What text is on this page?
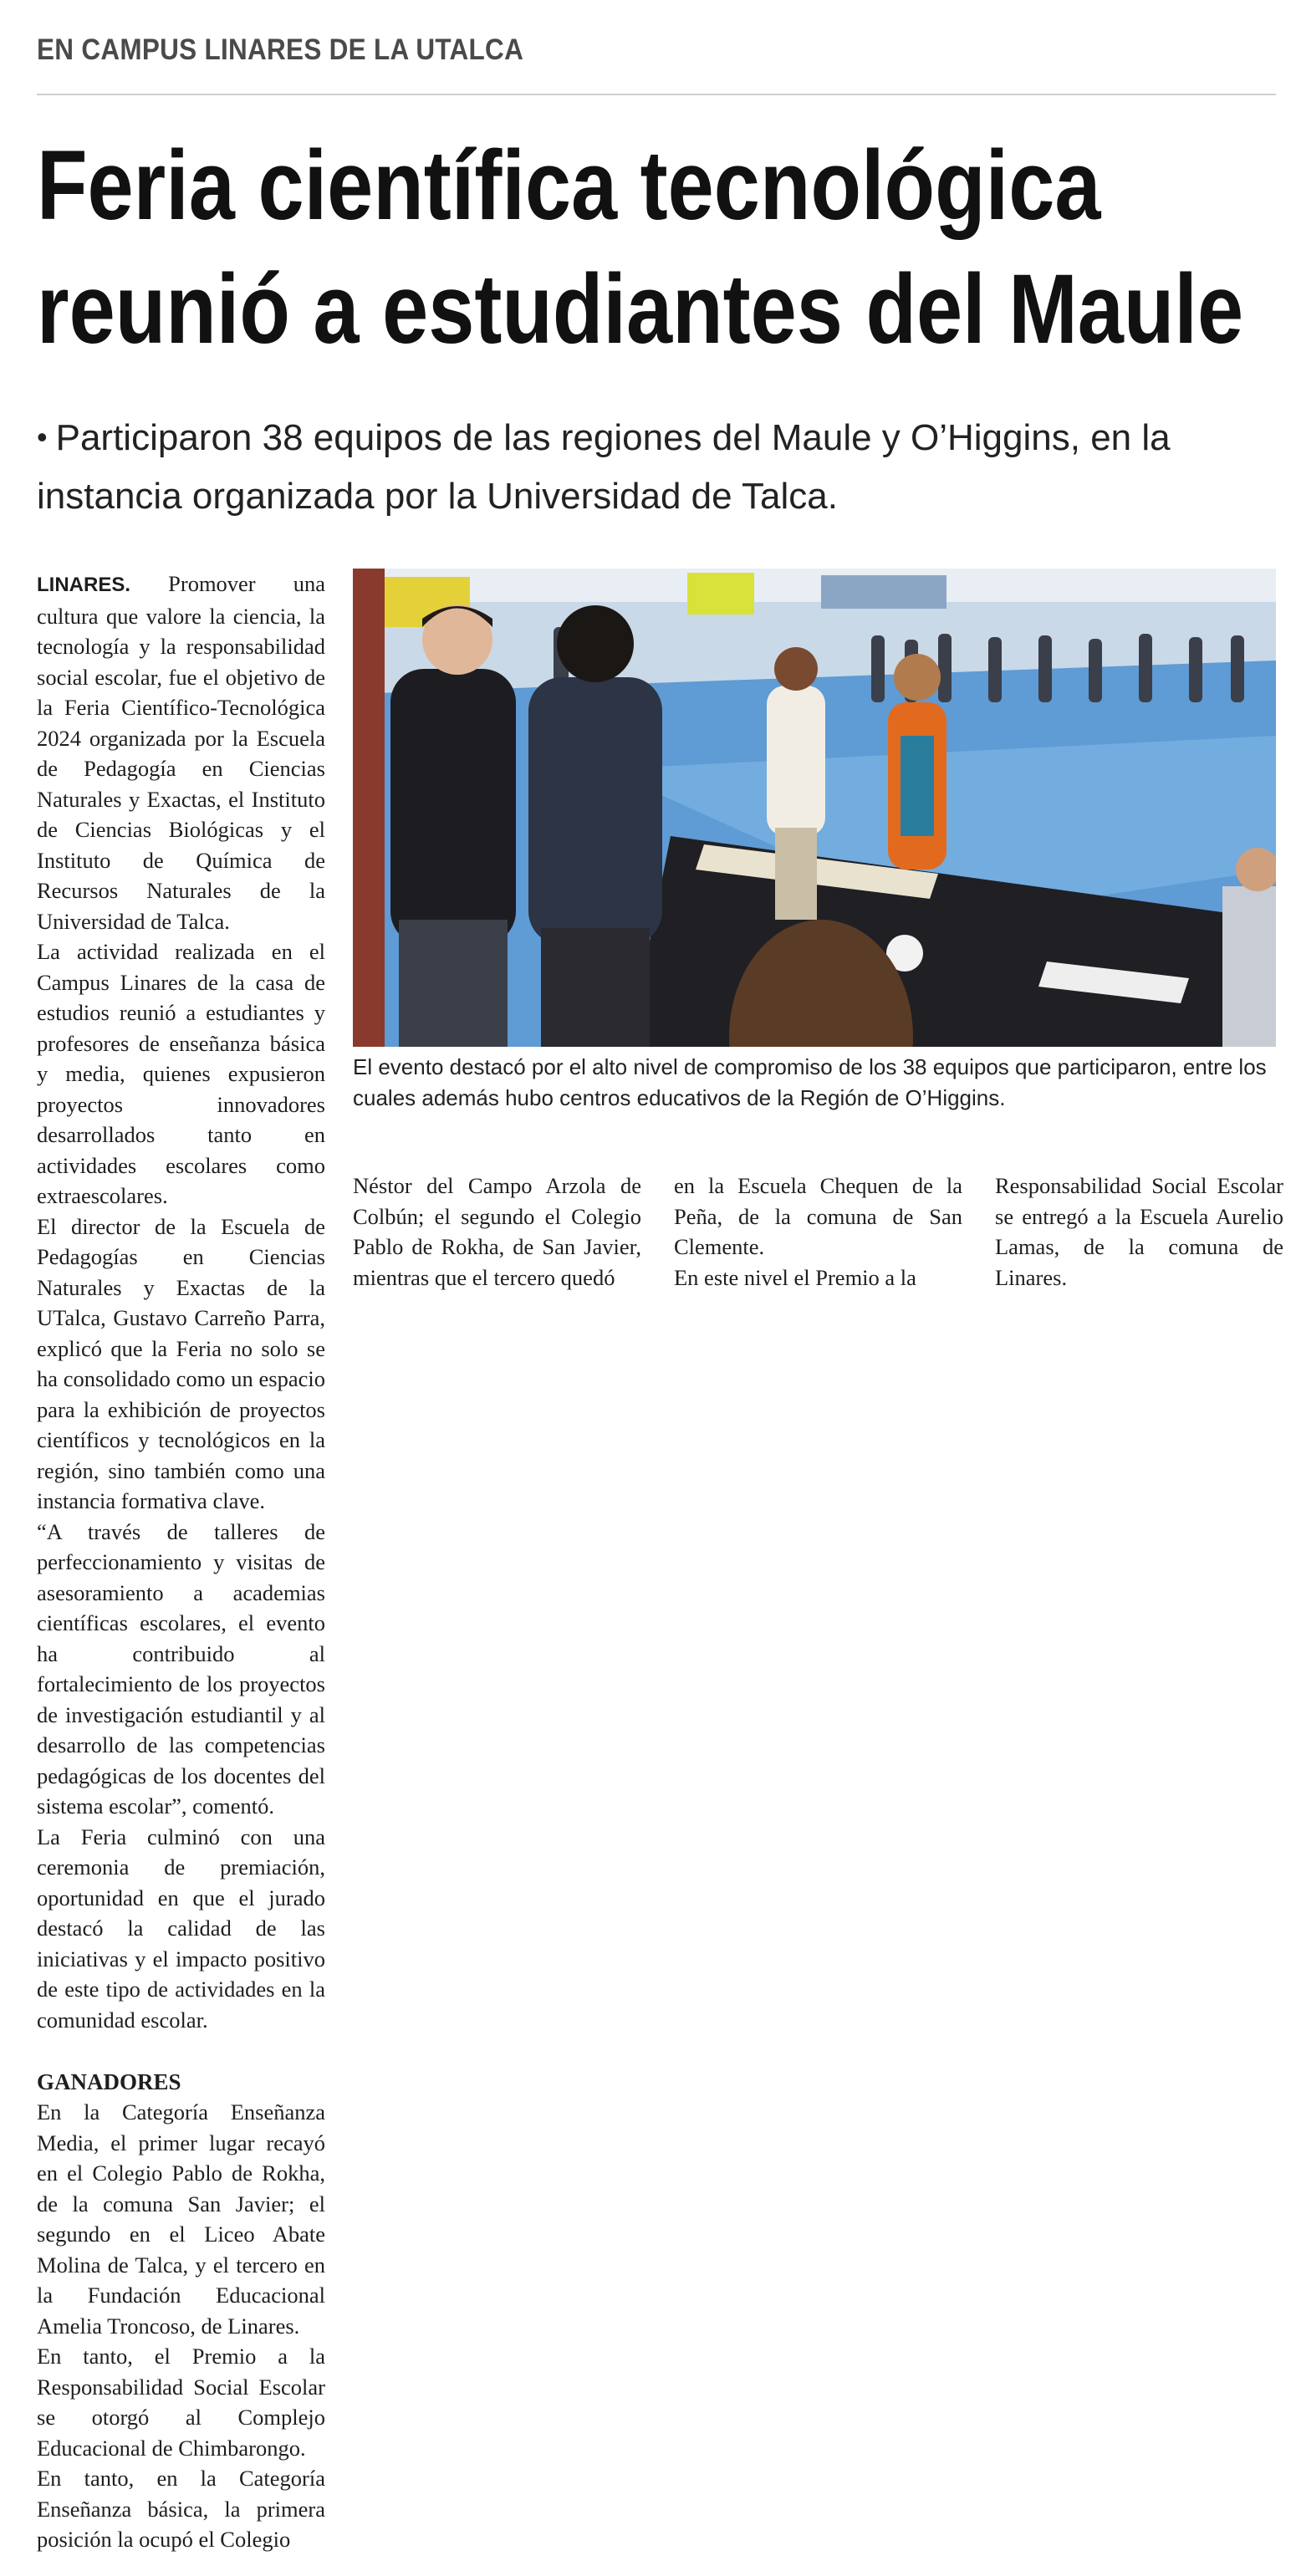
EN CAMPUS LINARES DE LA UTALCA
Feria científica tecnológica
reunió a estudiantes del Maule
• Participaron 38 equipos de las regiones del Maule y O’Higgins, en la instancia organizada por la Universidad de Talca.

LINARES. Promover una cultura que valore la ciencia, la tecnología y la responsabilidad social escolar, fue el objetivo de la Feria Científico-Tecnológica 2024 organizada por la Escuela de Pedagogía en Ciencias Naturales y Exactas, el Instituto de Ciencias Biológicas y el Instituto de Química de Recursos Naturales de la Universidad de Talca.

La actividad realizada en el Campus Linares de la casa de estudios reunió a estudiantes y profesores de enseñanza básica y media, quienes expusieron proyectos innovadores desarrollados tanto en actividades escolares como extraescolares.

El director de la Escuela de Pedagogías en Ciencias Naturales y Exactas de la UTalca, Gustavo Carreño Parra, explicó que la Feria no solo se ha consolidado como un espacio para la exhibición de proyectos científicos y tecnológicos en la región, sino también como una instancia formativa clave.

“A través de talleres de perfeccionamiento y visitas de asesoramiento a academias científicas escolares, el evento ha contribuido al fortalecimiento de los proyectos de investigación estudiantil y al desarrollo de las competencias pedagógicas de los docentes del sistema escolar”, comentó.

La Feria culminó con una ceremonia de premiación, oportunidad en que el jurado destacó la calidad de las iniciativas y el impacto positivo de este tipo de actividades en la comunidad escolar.

GANADORES

En la Categoría Enseñanza Media, el primer lugar recayó en el Colegio Pablo de Rokha, de la comuna San Javier; el segundo en el Liceo Abate Molina de Talca, y el tercero en la Fundación Educacional Amelia Troncoso, de Linares.

En tanto, el Premio a la Responsabilidad Social Escolar se otorgó al Complejo Educacional de Chimbarongo.

En tanto, en la Categoría Enseñanza básica, la primera posición la ocupó el Colegio

El evento destacó por el alto nivel de compromiso de los 38 equipos que participaron, entre los cuales además hubo centros educativos de la Región de O’Higgins.

Néstor del Campo Arzola de Colbún; el segundo el Colegio Pablo de Rokha, de San Javier, mientras que el tercero quedó

en la Escuela Chequen de la Peña, de la comuna de San Clemente.

En este nivel el Premio a la

Responsabilidad Social Escolar se entregó a la Escuela Aurelio Lamas, de la comuna de Linares.
